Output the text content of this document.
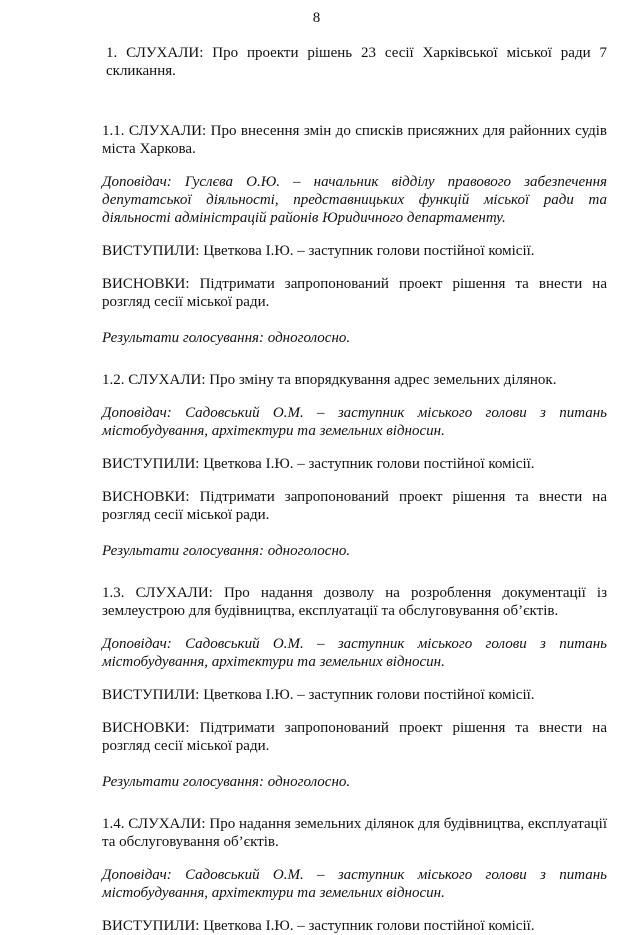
8

1. СЛУХАЛИ: Про проекти рішень 23 сесії Харківської міської ради 7 скликання.

1.1. СЛУХАЛИ: Про внесення змін до списків присяжних для районних судів міста Харкова.

Доповідач: Гуслєва О.Ю. – начальник відділу правового забезпечення депутатської діяльності, представницьких функцій міської ради та діяльності адміністрацій районів Юридичного департаменту.

ВИСТУПИЛИ: Цветкова І.Ю. – заступник голови постійної комісії.

ВИСНОВКИ: Підтримати запропонований проект рішення та внести на розгляд сесії міської ради.

Результати голосування: одноголосно.

1.2. СЛУХАЛИ: Про зміну та впорядкування адрес земельних ділянок.

Доповідач: Садовський О.М. – заступник міського голови з питань містобудування, архітектури та земельних відносин.

ВИСТУПИЛИ: Цветкова І.Ю. – заступник голови постійної комісії.

ВИСНОВКИ: Підтримати запропонований проект рішення та внести на розгляд сесії міської ради.

Результати голосування: одноголосно.

1.3. СЛУХАЛИ: Про надання дозволу на розроблення документації із землеустрою для будівництва, експлуатації та обслуговування об’єктів.

Доповідач: Садовський О.М. – заступник міського голови з питань містобудування, архітектури та земельних відносин.

ВИСТУПИЛИ: Цветкова І.Ю. – заступник голови постійної комісії.

ВИСНОВКИ: Підтримати запропонований проект рішення та внести на розгляд сесії міської ради.

Результати голосування: одноголосно.

1.4. СЛУХАЛИ: Про надання земельних ділянок для будівництва, експлуатації та обслуговування об’єктів.

Доповідач: Садовський О.М. – заступник міського голови з питань містобудування, архітектури та земельних відносин.

ВИСТУПИЛИ: Цветкова І.Ю. – заступник голови постійної комісії.
